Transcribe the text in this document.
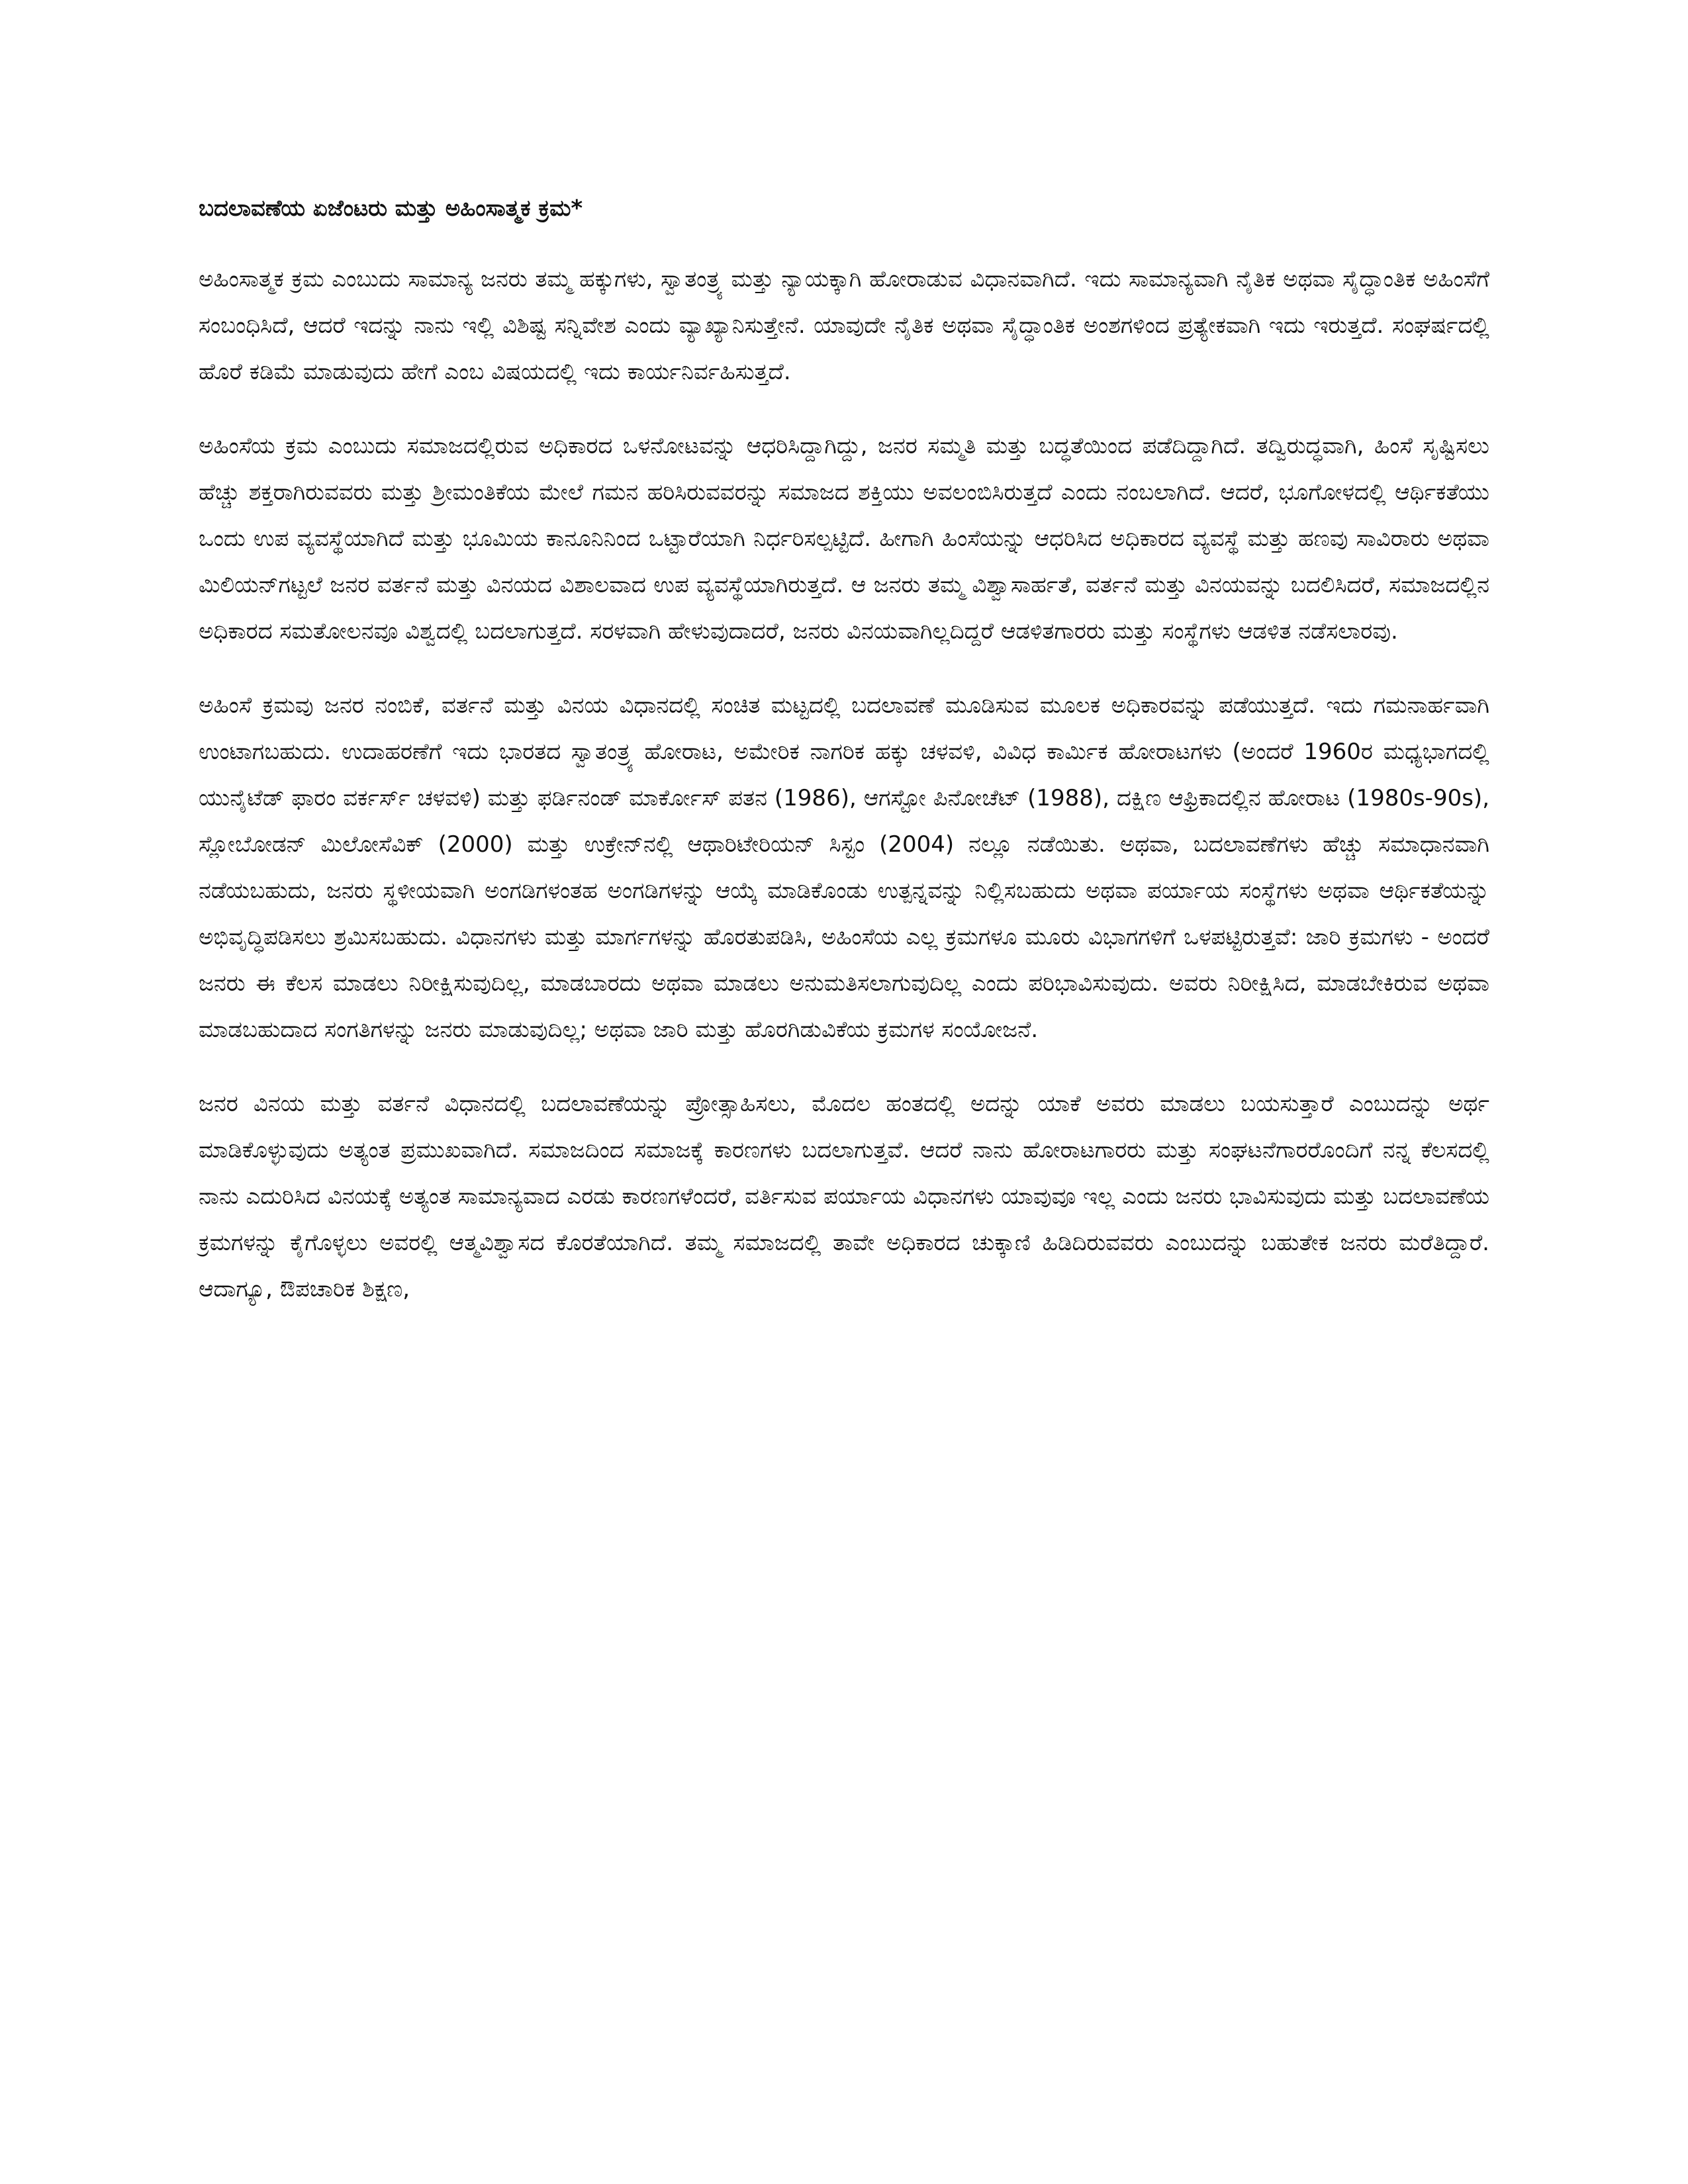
ಬದಲಾವಣೆಯ ಏಜೆಂಟರು ಮತ್ತು ಅಹಿಂಸಾತ್ಮಕ ಕ್ರಮ*

ಅಹಿಂಸಾತ್ಮಕ ಕ್ರಮ ಎಂಬುದು ಸಾಮಾನ್ಯ ಜನರು ತಮ್ಮ ಹಕ್ಕುಗಳು, ಸ್ವಾತಂತ್ರ್ಯ ಮತ್ತು ನ್ಯಾಯಕ್ಕಾಗಿ ಹೋರಾಡುವ ವಿಧಾನವಾಗಿದೆ. ಇದು ಸಾಮಾನ್ಯವಾಗಿ ನೈತಿಕ ಅಥವಾ ಸೈದ್ಧಾಂತಿಕ ಅಹಿಂಸೆಗೆ ಸಂಬಂಧಿಸಿದೆ, ಆದರೆ ಇದನ್ನು ನಾನು ಇಲ್ಲಿ ವಿಶಿಷ್ಟ ಸನ್ನಿವೇಶ ಎಂದು ವ್ಯಾಖ್ಯಾನಿಸುತ್ತೇನೆ. ಯಾವುದೇ ನೈತಿಕ ಅಥವಾ ಸೈದ್ಧಾಂತಿಕ ಅಂಶಗಳಿಂದ ಪ್ರತ್ಯೇಕವಾಗಿ ಇದು ಇರುತ್ತದೆ. ಸಂಘರ್ಷದಲ್ಲಿ ಹೊರೆ ಕಡಿಮೆ ಮಾಡುವುದು ಹೇಗೆ ಎಂಬ ವಿಷಯದಲ್ಲಿ ಇದು ಕಾರ್ಯನಿರ್ವಹಿಸುತ್ತದೆ.

ಅಹಿಂಸೆಯ ಕ್ರಮ ಎಂಬುದು ಸಮಾಜದಲ್ಲಿರುವ ಅಧಿಕಾರದ ಒಳನೋಟವನ್ನು ಆಧರಿಸಿದ್ದಾಗಿದ್ದು, ಜನರ ಸಮ್ಮತಿ ಮತ್ತು ಬದ್ಧತೆಯಿಂದ ಪಡೆದಿದ್ದಾಗಿದೆ. ತದ್ವಿರುದ್ಧವಾಗಿ, ಹಿಂಸೆ ಸೃಷ್ಟಿಸಲು ಹೆಚ್ಚು ಶಕ್ತರಾಗಿರುವವರು ಮತ್ತು ಶ್ರೀಮಂತಿಕೆಯ ಮೇಲೆ ಗಮನ ಹರಿಸಿರುವವರನ್ನು ಸಮಾಜದ ಶಕ್ತಿಯು ಅವಲಂಬಿಸಿರುತ್ತದೆ ಎಂದು ನಂಬಲಾಗಿದೆ. ಆದರೆ, ಭೂಗೋಳದಲ್ಲಿ ಆರ್ಥಿಕತೆಯು ಒಂದು ಉಪ ವ್ಯವಸ್ಥೆಯಾಗಿದೆ ಮತ್ತು ಭೂಮಿಯ ಕಾನೂನಿನಿಂದ ಒಟ್ಟಾರೆಯಾಗಿ ನಿರ್ಧರಿಸಲ್ಪಟ್ಟಿದೆ. ಹೀಗಾಗಿ ಹಿಂಸೆಯನ್ನು ಆಧರಿಸಿದ ಅಧಿಕಾರದ ವ್ಯವಸ್ಥೆ ಮತ್ತು ಹಣವು ಸಾವಿರಾರು ಅಥವಾ ಮಿಲಿಯನ್‌ಗಟ್ಟಲೆ ಜನರ ವರ್ತನೆ ಮತ್ತು ವಿನಯದ ವಿಶಾಲವಾದ ಉಪ ವ್ಯವಸ್ಥೆಯಾಗಿರುತ್ತದೆ. ಆ ಜನರು ತಮ್ಮ ವಿಶ್ವಾಸಾರ್ಹತೆ, ವರ್ತನೆ ಮತ್ತು ವಿನಯವನ್ನು ಬದಲಿಸಿದರೆ, ಸಮಾಜದಲ್ಲಿನ ಅಧಿಕಾರದ ಸಮತೋಲನವೂ ವಿಶ್ವದಲ್ಲಿ ಬದಲಾಗುತ್ತದೆ. ಸರಳವಾಗಿ ಹೇಳುವುದಾದರೆ, ಜನರು ವಿನಯವಾಗಿಲ್ಲದಿದ್ದರೆ ಆಡಳಿತಗಾರರು ಮತ್ತು ಸಂಸ್ಥೆಗಳು ಆಡಳಿತ ನಡೆಸಲಾರವು.

ಅಹಿಂಸೆ ಕ್ರಮವು ಜನರ ನಂಬಿಕೆ, ವರ್ತನೆ ಮತ್ತು ವಿನಯ ವಿಧಾನದಲ್ಲಿ ಸಂಚಿತ ಮಟ್ಟದಲ್ಲಿ ಬದಲಾವಣೆ ಮೂಡಿಸುವ ಮೂಲಕ ಅಧಿಕಾರವನ್ನು ಪಡೆಯುತ್ತದೆ. ಇದು ಗಮನಾರ್ಹವಾಗಿ ಉಂಟಾಗಬಹುದು. ಉದಾಹರಣೆಗೆ ಇದು ಭಾರತದ ಸ್ವಾತಂತ್ರ್ಯ ಹೋರಾಟ, ಅಮೇರಿಕ ನಾಗರಿಕ ಹಕ್ಕು ಚಳವಳಿ, ವಿವಿಧ ಕಾರ್ಮಿಕ ಹೋರಾಟಗಳು (ಅಂದರೆ 1960ರ ಮಧ್ಯಭಾಗದಲ್ಲಿ ಯುನೈಟೆಡ್ ಫಾರಂ ವರ್ಕರ್ಸ್ ಚಳವಳಿ) ಮತ್ತು ಫರ್ಡಿನಂಡ್ ಮಾರ್ಕೋಸ್ ಪತನ (1986), ಆಗಸ್ಟೋ ಪಿನೋಚೆಟ್ (1988), ದಕ್ಷಿಣ ಆಫ್ರಿಕಾದಲ್ಲಿನ ಹೋರಾಟ (1980s-90s), ಸ್ಲೋಬೋಡನ್ ಮಿಲೋಸೆವಿಕ್ (2000) ಮತ್ತು ಉಕ್ರೇನ್‌ನಲ್ಲಿ ಆಥಾರಿಟೇರಿಯನ್ ಸಿಸ್ಟಂ (2004) ನಲ್ಲೂ ನಡೆಯಿತು. ಅಥವಾ, ಬದಲಾವಣೆಗಳು ಹೆಚ್ಚು ಸಮಾಧಾನವಾಗಿ ನಡೆಯಬಹುದು, ಜನರು ಸ್ಥಳೀಯವಾಗಿ ಅಂಗಡಿಗಳಂತಹ ಅಂಗಡಿಗಳನ್ನು ಆಯ್ಕೆ ಮಾಡಿಕೊಂಡು ಉತ್ಪನ್ನವನ್ನು ನಿಲ್ಲಿಸಬಹುದು ಅಥವಾ ಪರ್ಯಾಯ ಸಂಸ್ಥೆಗಳು ಅಥವಾ ಆರ್ಥಿಕತೆಯನ್ನು ಅಭಿವೃದ್ಧಿಪಡಿಸಲು ಶ್ರಮಿಸಬಹುದು. ವಿಧಾನಗಳು ಮತ್ತು ಮಾರ್ಗಗಳನ್ನು ಹೊರತುಪಡಿಸಿ, ಅಹಿಂಸೆಯ ಎಲ್ಲ ಕ್ರಮಗಳೂ ಮೂರು ವಿಭಾಗಗಳಿಗೆ ಒಳಪಟ್ಟಿರುತ್ತವೆ: ಜಾರಿ ಕ್ರಮಗಳು - ಅಂದರೆ ಜನರು ಈ ಕೆಲಸ ಮಾಡಲು ನಿರೀಕ್ಷಿಸುವುದಿಲ್ಲ, ಮಾಡಬಾರದು ಅಥವಾ ಮಾಡಲು ಅನುಮತಿಸಲಾಗುವುದಿಲ್ಲ ಎಂದು ಪರಿಭಾವಿಸುವುದು. ಅವರು ನಿರೀಕ್ಷಿಸಿದ, ಮಾಡಬೇಕಿರುವ ಅಥವಾ ಮಾಡಬಹುದಾದ ಸಂಗತಿಗಳನ್ನು ಜನರು ಮಾಡುವುದಿಲ್ಲ; ಅಥವಾ ಜಾರಿ ಮತ್ತು ಹೊರಗಿಡುವಿಕೆಯ ಕ್ರಮಗಳ ಸಂಯೋಜನೆ.

ಜನರ ವಿನಯ ಮತ್ತು ವರ್ತನೆ ವಿಧಾನದಲ್ಲಿ ಬದಲಾವಣೆಯನ್ನು ಪ್ರೋತ್ಸಾಹಿಸಲು, ಮೊದಲ ಹಂತದಲ್ಲಿ ಅದನ್ನು ಯಾಕೆ ಅವರು ಮಾಡಲು ಬಯಸುತ್ತಾರೆ ಎಂಬುದನ್ನು ಅರ್ಥ ಮಾಡಿಕೊಳ್ಳುವುದು ಅತ್ಯಂತ ಪ್ರಮುಖವಾಗಿದೆ. ಸಮಾಜದಿಂದ ಸಮಾಜಕ್ಕೆ ಕಾರಣಗಳು ಬದಲಾಗುತ್ತವೆ. ಆದರೆ ನಾನು ಹೋರಾಟಗಾರರು ಮತ್ತು ಸಂಘಟನೆಗಾರರೊಂದಿಗೆ ನನ್ನ ಕೆಲಸದಲ್ಲಿ ನಾನು ಎದುರಿಸಿದ ವಿನಯಕ್ಕೆ ಅತ್ಯಂತ ಸಾಮಾನ್ಯವಾದ ಎರಡು ಕಾರಣಗಳೆಂದರೆ, ವರ್ತಿಸುವ ಪರ್ಯಾಯ ವಿಧಾನಗಳು ಯಾವುವೂ ಇಲ್ಲ ಎಂದು ಜನರು ಭಾವಿಸುವುದು ಮತ್ತು ಬದಲಾವಣೆಯ ಕ್ರಮಗಳನ್ನು ಕೈಗೊಳ್ಳಲು ಅವರಲ್ಲಿ ಆತ್ಮವಿಶ್ವಾಸದ ಕೊರತೆಯಾಗಿದೆ. ತಮ್ಮ ಸಮಾಜದಲ್ಲಿ ತಾವೇ ಅಧಿಕಾರದ ಚುಕ್ಕಾಣಿ ಹಿಡಿದಿರುವವರು ಎಂಬುದನ್ನು ಬಹುತೇಕ ಜನರು ಮರೆತಿದ್ದಾರೆ. ಆದಾಗ್ಯೂ, ಔಪಚಾರಿಕ ಶಿಕ್ಷಣ,
